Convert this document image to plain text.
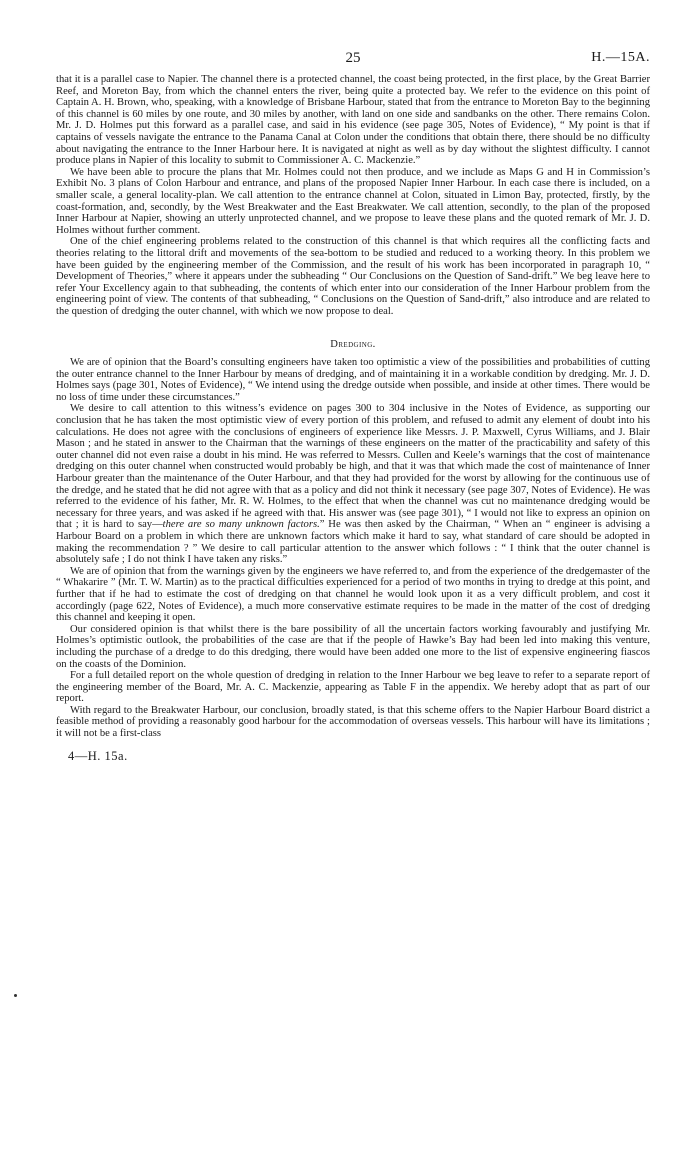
25	H.—15A.

that it is a parallel case to Napier. The channel there is a protected channel, the coast being protected, in the first place, by the Great Barrier Reef, and Moreton Bay, from which the channel enters the river, being quite a protected bay. We refer to the evidence on this point of Captain A. H. Brown, who, speaking, with a knowledge of Brisbane Harbour, stated that from the entrance to Moreton Bay to the beginning of this channel is 60 miles by one route, and 30 miles by another, with land on one side and sandbanks on the other. There remains Colon. Mr. J. D. Holmes put this forward as a parallel case, and said in his evidence (see page 305, Notes of Evidence), “ My point is that if captains of vessels navigate the entrance to the Panama Canal at Colon under the conditions that obtain there, there should be no difficulty about navigating the entrance to the Inner Harbour here. It is navigated at night as well as by day without the slightest difficulty. I cannot produce plans in Napier of this locality to submit to Commissioner A. C. Mackenzie.”

We have been able to procure the plans that Mr. Holmes could not then produce, and we include as Maps G and H in Commission’s Exhibit No. 3 plans of Colon Harbour and entrance, and plans of the proposed Napier Inner Harbour. In each case there is included, on a smaller scale, a general locality-plan. We call attention to the entrance channel at Colon, situated in Limon Bay, protected, firstly, by the coast-formation, and, secondly, by the West Breakwater and the East Breakwater. We call attention, secondly, to the plan of the proposed Inner Harbour at Napier, showing an utterly unprotected channel, and we propose to leave these plans and the quoted remark of Mr. J. D. Holmes without further comment.

One of the chief engineering problems related to the construction of this channel is that which requires all the conflicting facts and theories relating to the littoral drift and movements of the sea-bottom to be studied and reduced to a working theory. In this problem we have been guided by the engineering member of the Commission, and the result of his work has been incorporated in paragraph 10, “ Development of Theories,” where it appears under the subheading “ Our Conclusions on the Question of Sand-drift.” We beg leave here to refer Your Excellency again to that subheading, the contents of which enter into our consideration of the Inner Harbour problem from the engineering point of view. The contents of that subheading, “ Conclusions on the Question of Sand-drift,” also introduce and are related to the question of dredging the outer channel, with which we now propose to deal.

Dredging.

We are of opinion that the Board’s consulting engineers have taken too optimistic a view of the possibilities and probabilities of cutting the outer entrance channel to the Inner Harbour by means of dredging, and of maintaining it in a workable condition by dredging. Mr. J. D. Holmes says (page 301, Notes of Evidence), “ We intend using the dredge outside when possible, and inside at other times. There would be no loss of time under these circumstances.”

We desire to call attention to this witness’s evidence on pages 300 to 304 inclusive in the Notes of Evidence, as supporting our conclusion that he has taken the most optimistic view of every portion of this problem, and refused to admit any element of doubt into his calculations. He does not agree with the conclusions of engineers of experience like Messrs. J. P. Maxwell, Cyrus Williams, and J. Blair Mason ; and he stated in answer to the Chairman that the warnings of these engineers on the matter of the practicability and safety of this outer channel did not even raise a doubt in his mind. He was referred to Messrs. Cullen and Keele’s warnings that the cost of maintenance dredging on this outer channel when constructed would probably be high, and that it was that which made the cost of maintenance of Inner Harbour greater than the maintenance of the Outer Harbour, and that they had provided for the worst by allowing for the continuous use of the dredge, and he stated that he did not agree with that as a policy and did not think it necessary (see page 307, Notes of Evidence). He was referred to the evidence of his father, Mr. R. W. Holmes, to the effect that when the channel was cut no maintenance dredging would be necessary for three years, and was asked if he agreed with that. His answer was (see page 301), “ I would not like to express an opinion on that ; it is hard to say—there are so many unknown factors.” He was then asked by the Chairman, “ When an “ engineer is advising a Harbour Board on a problem in which there are unknown factors which make it hard to say, what standard of care should be adopted in making the recommendation ? ” We desire to call particular attention to the answer which follows : “ I think that the outer channel is absolutely safe ; I do not think I have taken any risks.”

We are of opinion that from the warnings given by the engineers we have referred to, and from the experience of the dredgemaster of the “ Whakarire ” (Mr. T. W. Martin) as to the practical difficulties experienced for a period of two months in trying to dredge at this point, and further that if he had to estimate the cost of dredging on that channel he would look upon it as a very difficult problem, and cost it accordingly (page 622, Notes of Evidence), a much more conservative estimate requires to be made in the matter of the cost of dredging this channel and keeping it open.

Our considered opinion is that whilst there is the bare possibility of all the uncertain factors working favourably and justifying Mr. Holmes’s optimistic outlook, the probabilities of the case are that if the people of Hawke’s Bay had been led into making this venture, including the purchase of a dredge to do this dredging, there would have been added one more to the list of expensive engineering fiascos on the coasts of the Dominion.

For a full detailed report on the whole question of dredging in relation to the Inner Harbour we beg leave to refer to a separate report of the engineering member of the Board, Mr. A. C. Mackenzie, appearing as Table F in the appendix. We hereby adopt that as part of our report.

With regard to the Breakwater Harbour, our conclusion, broadly stated, is that this scheme offers to the Napier Harbour Board district a feasible method of providing a reasonably good harbour for the accommodation of overseas vessels. This harbour will have its limitations ; it will not be a first-class

4—H. 15a.
